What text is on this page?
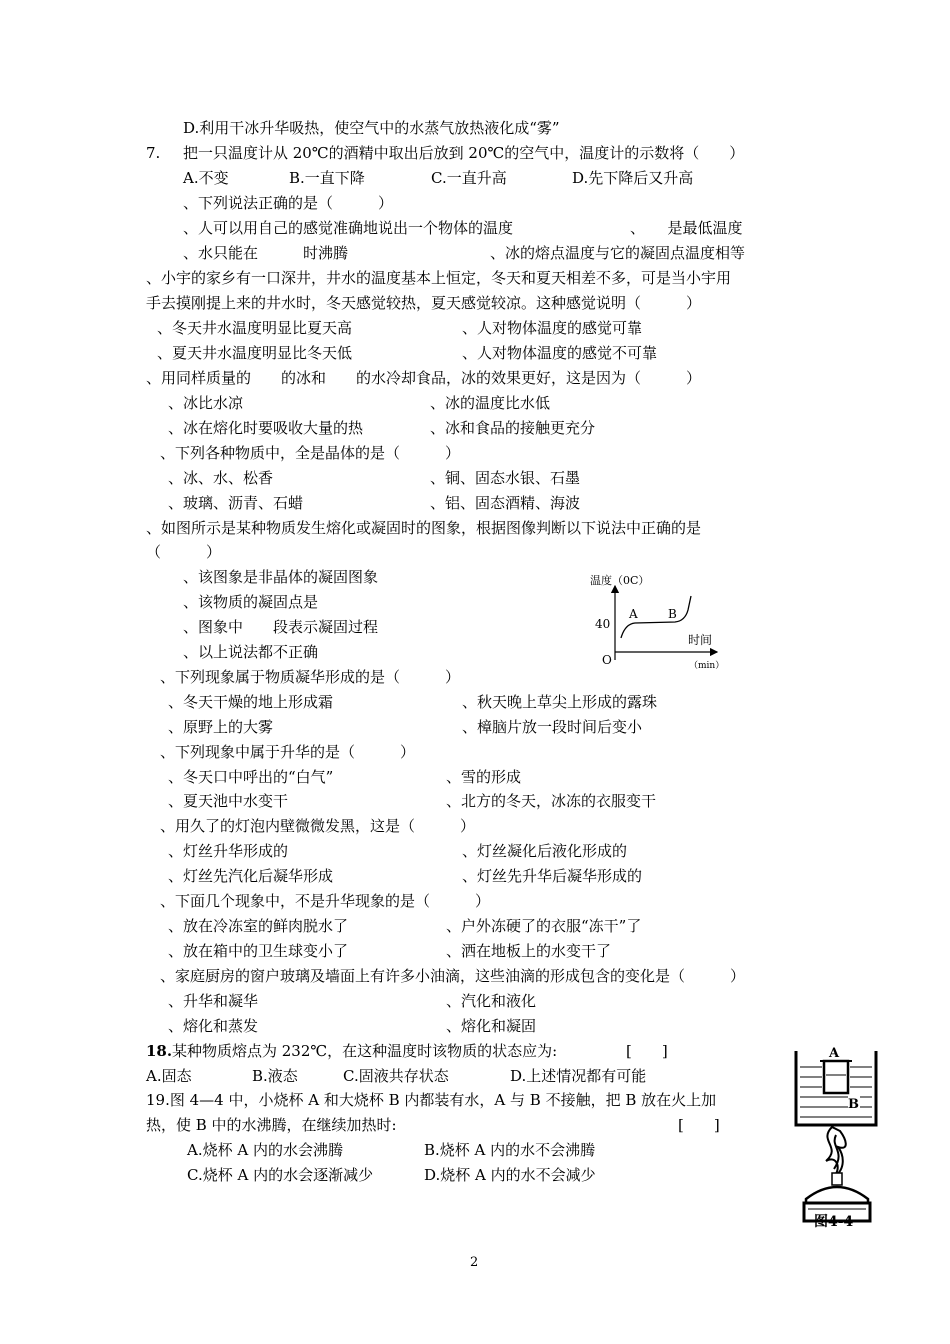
D.利用干冰升华吸热，使空气中的水蒸气放热液化成“雾”
7. 把一只温度计从 20℃的酒精中取出后放到 20℃的空气中，温度计的示数将（　　）
A.不变	B.一直下降	C.一直升高	D.先下降后又升高
、下列说法正确的是（　　　）
、人可以用自己的感觉准确地说出一个物体的温度	、　　是最低温度
、水只能在　　　时沸腾	、冰的熔点温度与它的凝固点温度相等
、小宇的家乡有一口深井，井水的温度基本上恒定，冬天和夏天相差不多，可是当小宇用
手去摸刚提上来的井水时，冬天感觉较热，夏天感觉较凉。这种感觉说明（　　　）
、冬天井水温度明显比夏天高	、人对物体温度的感觉可靠
、夏天井水温度明显比冬天低	、人对物体温度的感觉不可靠
、用同样质量的　　的冰和　　的水冷却食品，冰的效果更好，这是因为（　　　）
、冰比水凉	、冰的温度比水低
、冰在熔化时要吸收大量的热	、冰和食品的接触更充分
、下列各种物质中，全是晶体的是（　　　）
、冰、水、松香	、铜、固态水银、石墨
、玻璃、沥青、石蜡	、铝、固态酒精、海波
、如图所示是某种物质发生熔化或凝固时的图象，根据图像判断以下说法中正确的是
（　　　）
、该图象是非晶体的凝固图象
、该物质的凝固点是
、图象中　　段表示凝固过程
、以上说法都不正确
温度（0C）
A	B
40
时间
O	（min）
、下列现象属于物质凝华形成的是（　　　）
、冬天干燥的地上形成霜	、秋天晚上草尖上形成的露珠
、原野上的大雾	、樟脑片放一段时间后变小
、下列现象中属于升华的是（　　　）
、冬天口中呼出的“白气”	、雪的形成
、夏天池中水变干	、北方的冬天，冰冻的衣服变干
、用久了的灯泡内壁微微发黑，这是（　　　）
、灯丝升华形成的	、灯丝凝化后液化形成的
、灯丝先汽化后凝华形成	、灯丝先升华后凝华形成的
、下面几个现象中，不是升华现象的是（　　　）
、放在冷冻室的鲜肉脱水了	、户外冻硬了的衣服“冻干”了
、放在箱中的卫生球变小了	、洒在地板上的水变干了
、家庭厨房的窗户玻璃及墙面上有许多小油滴，这些油滴的形成包含的变化是（　　　）
、升华和凝华	、汽化和液化
、熔化和蒸发	、熔化和凝固
18. 某种物质熔点为 232℃，在这种温度时该物质的状态应为:	[　　]
A.固态	B.液态	C.固液共存状态	D.上述情况都有可能
19.图 4—4 中，小烧杯 A 和大烧杯 B 内都装有水，A 与 B 不接触，把 B 放在火上加
热，使 B 中的水沸腾，在继续加热时:	[　　]
A.烧杯 A 内的水会沸腾	B.烧杯 A 内的水不会沸腾
C.烧杯 A 内的水会逐渐减少	D.烧杯 A 内的水不会减少
A
B
图4-4
2
